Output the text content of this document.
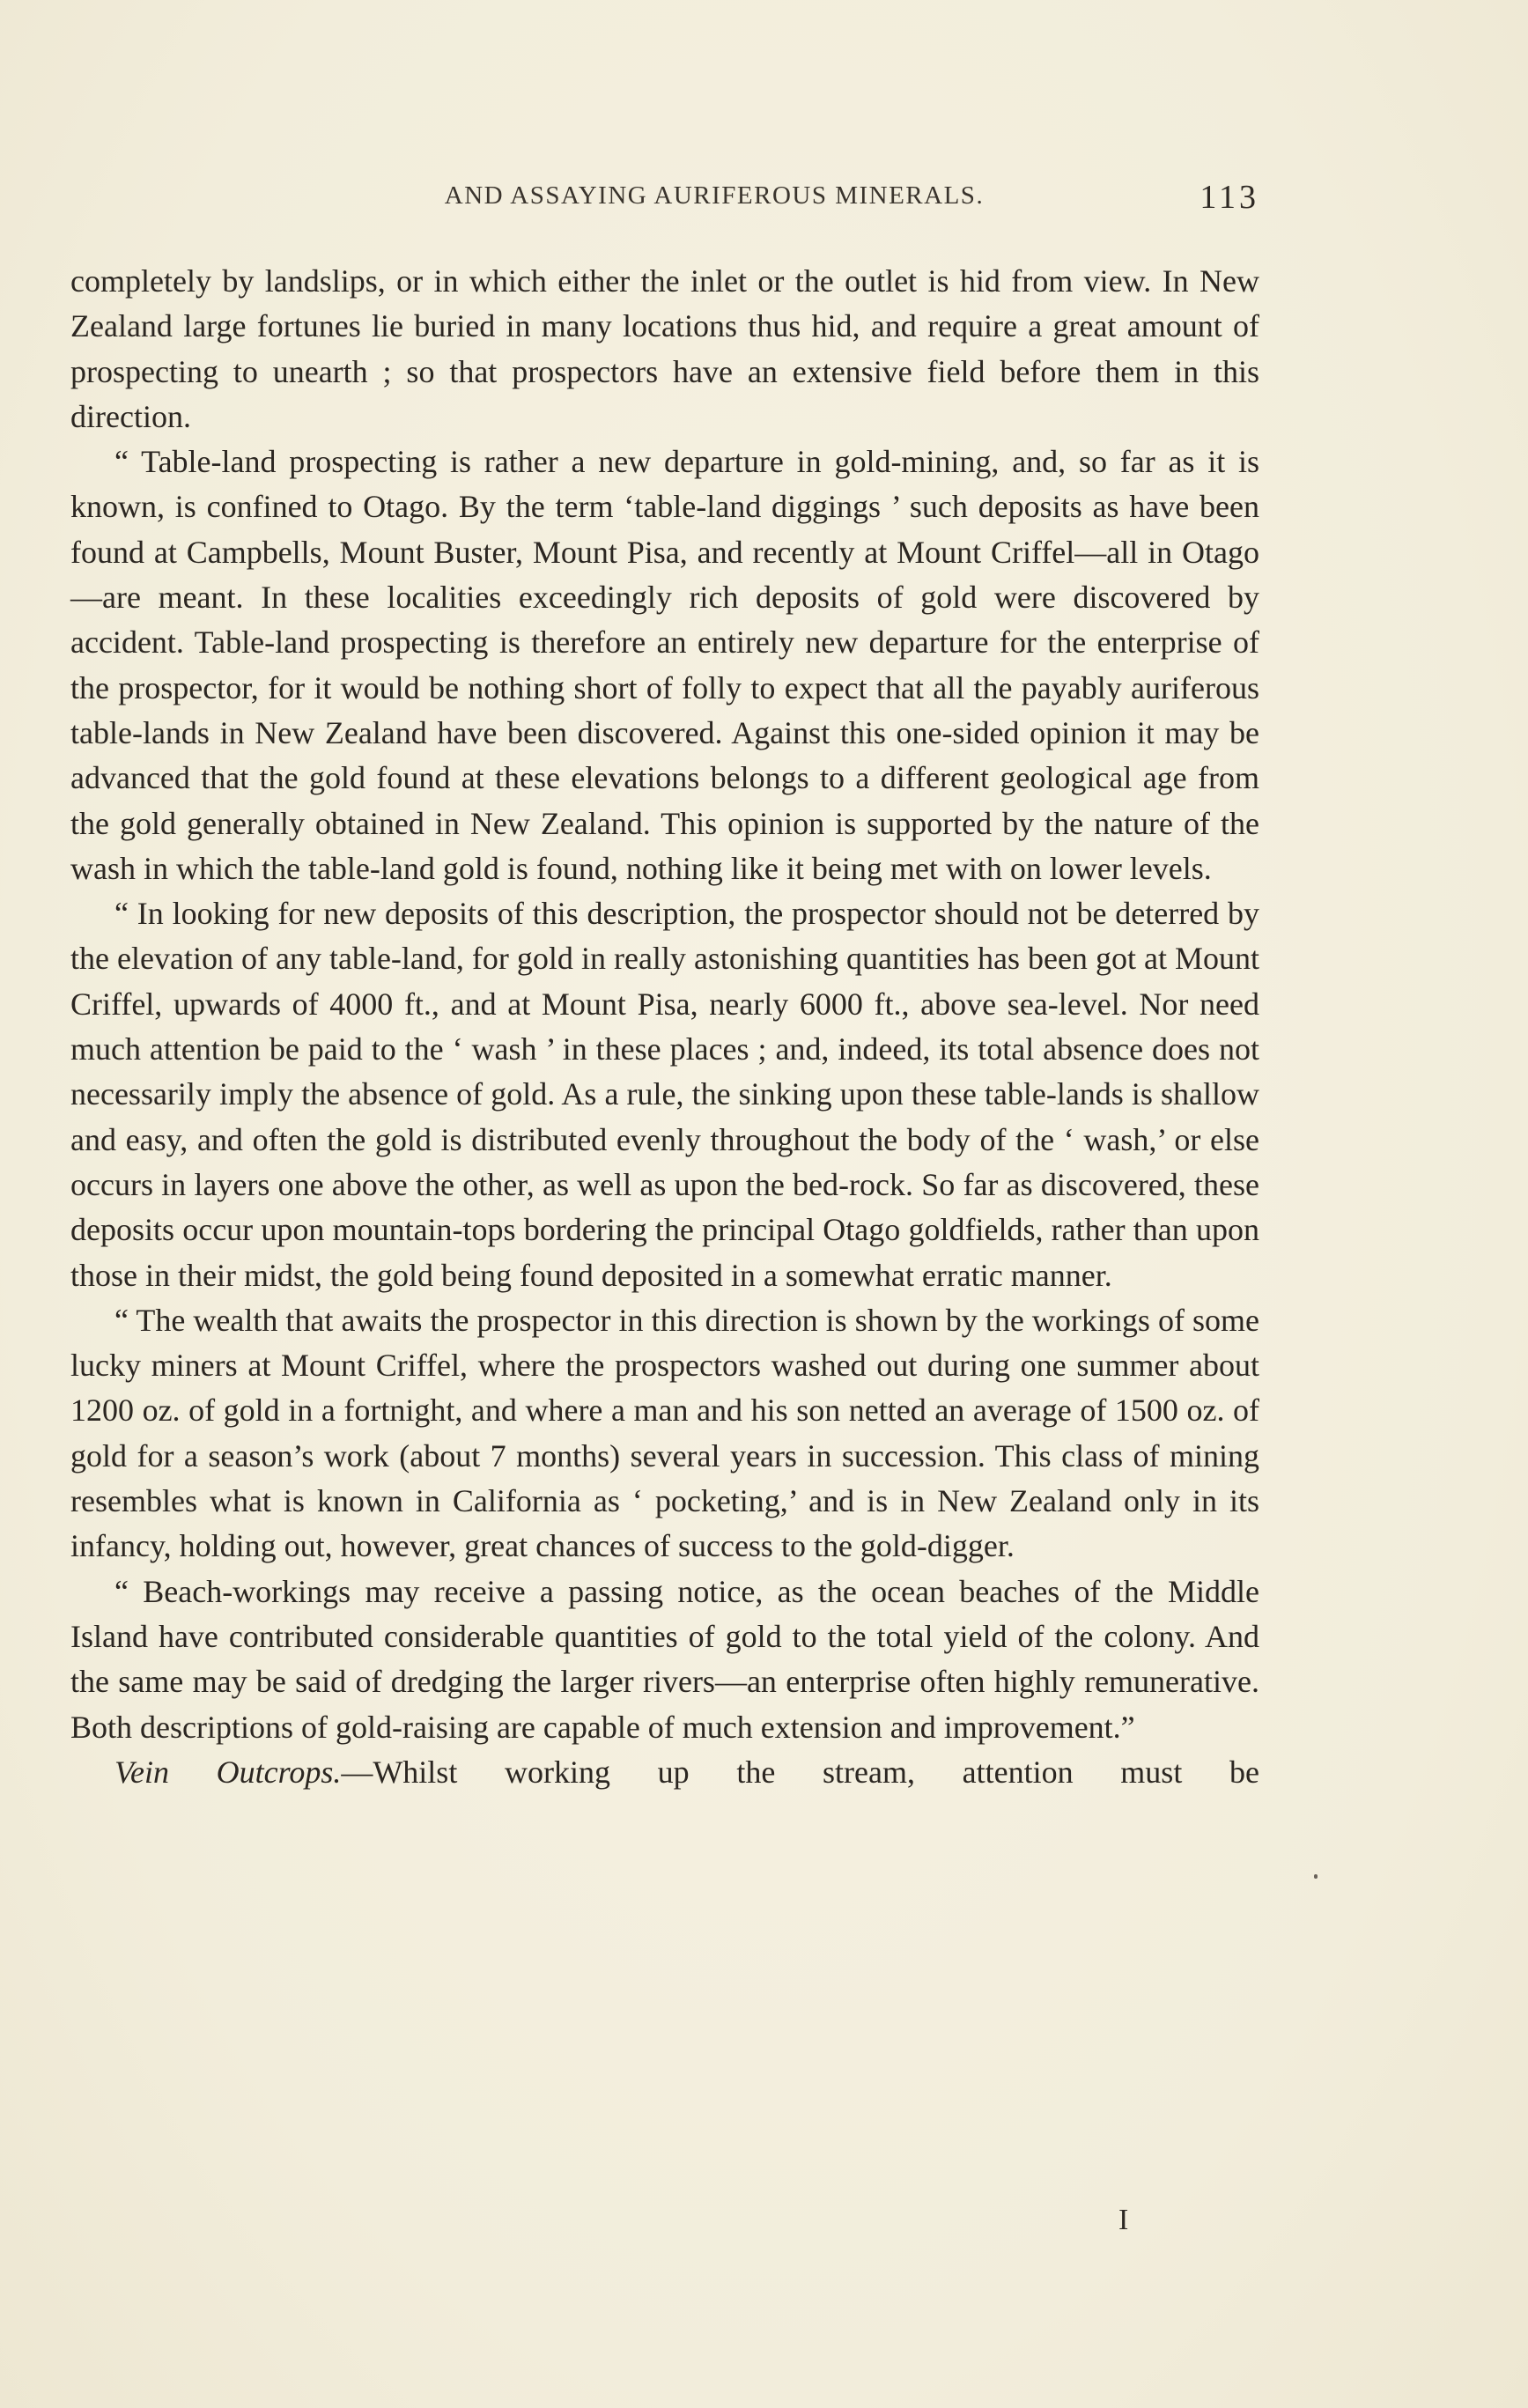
AND ASSAYING AURIFEROUS MINERALS.	113

completely by landslips, or in which either the inlet or the outlet is hid from view. In New Zealand large fortunes lie buried in many locations thus hid, and require a great amount of prospecting to unearth ; so that prospectors have an extensive field before them in this direction.

“ Table-land prospecting is rather a new departure in gold-mining, and, so far as it is known, is confined to Otago. By the term ‘table-land diggings ’ such deposits as have been found at Campbells, Mount Buster, Mount Pisa, and recently at Mount Criffel—all in Otago—are meant. In these localities exceedingly rich deposits of gold were discovered by accident. Table-land prospecting is therefore an entirely new departure for the enterprise of the prospector, for it would be nothing short of folly to expect that all the payably auriferous table-lands in New Zealand have been discovered. Against this one-sided opinion it may be advanced that the gold found at these elevations belongs to a different geological age from the gold generally obtained in New Zealand. This opinion is supported by the nature of the wash in which the table-land gold is found, nothing like it being met with on lower levels.

“ In looking for new deposits of this description, the prospector should not be deterred by the elevation of any table-land, for gold in really astonishing quantities has been got at Mount Criffel, upwards of 4000 ft., and at Mount Pisa, nearly 6000 ft., above sea-level. Nor need much attention be paid to the ‘ wash ’ in these places ; and, indeed, its total absence does not necessarily imply the absence of gold. As a rule, the sinking upon these table-lands is shallow and easy, and often the gold is distributed evenly throughout the body of the ‘ wash,’ or else occurs in layers one above the other, as well as upon the bed-rock. So far as discovered, these deposits occur upon mountain-tops bordering the principal Otago goldfields, rather than upon those in their midst, the gold being found deposited in a somewhat erratic manner.

“ The wealth that awaits the prospector in this direction is shown by the workings of some lucky miners at Mount Criffel, where the prospectors washed out during one summer about 1200 oz. of gold in a fortnight, and where a man and his son netted an average of 1500 oz. of gold for a season’s work (about 7 months) several years in succession. This class of mining resembles what is known in California as ‘ pocketing,’ and is in New Zealand only in its infancy, holding out, however, great chances of success to the gold-digger.

“ Beach-workings may receive a passing notice, as the ocean beaches of the Middle Island have contributed considerable quantities of gold to the total yield of the colony. And the same may be said of dredging the larger rivers—an enterprise often highly remunerative. Both descriptions of gold-raising are capable of much extension and improvement.”

Vein Outcrops.—Whilst working up the stream, attention must be

I
